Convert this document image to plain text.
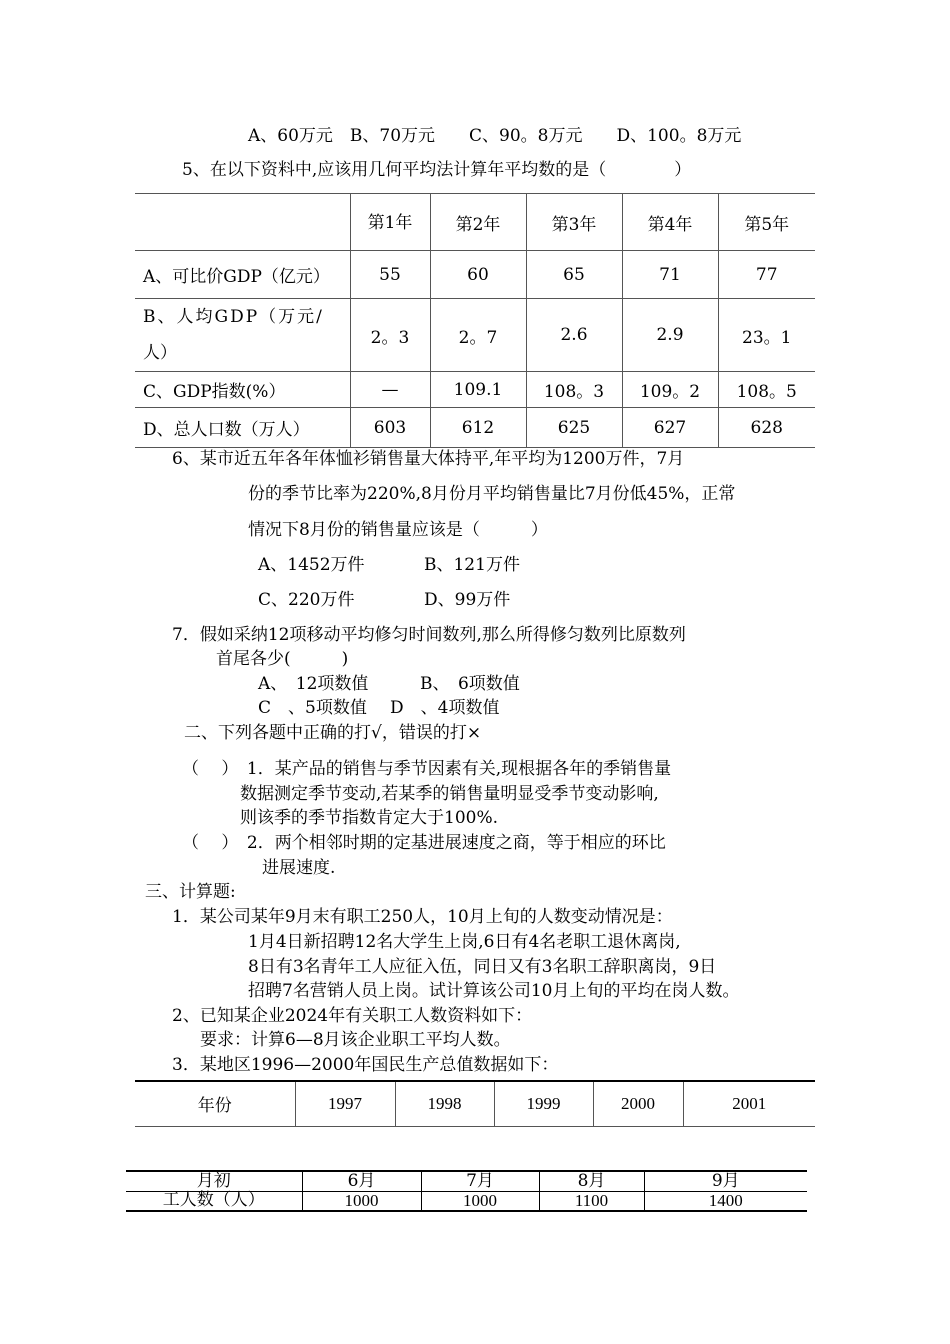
A、60万元　B、70万元　　C、90。8万元　　D、100。8万元
5、在以下资料中,应该用几何平均法计算年平均数的是（　　　　）
	第1年	第2年	第3年	第4年	第5年
A、可比价GDP（亿元）	55	60	65	71	77

B、人均GDP（万元/
人）	2。3	2。7	2.6	2.9	23。1
C、GDP指数(%）	—	109.1	108。3	109。2	108。5
D、总人口数（万人）	603	612	625	627	628
6、某市近五年各年体恤衫销售量大体持平,年平均为1200万件，7月
份的季节比率为220%,8月份月平均销售量比7月份低45%，正常
情况下8月份的销售量应该是（　　　）
A、1452万件	B、121万件
C、220万件	D、99万件
7．假如采纳12项移动平均修匀时间数列,那么所得修匀数列比原数列
首尾各少(　　　)
A、　12项数值	B、　6项数值
C　、5项数值 D　、4项数值
二、下列各题中正确的打√，错误的打×
（　 ）　1．某产品的销售与季节因素有关,现根据各年的季销售量
数据测定季节变动,若某季的销售量明显受季节变动影响,
则该季的季节指数肯定大于100%.
（　 ）　2．两个相邻时期的定基进展速度之商，等于相应的环比
进展速度.
三、计算题:
1．某公司某年9月末有职工250人，10月上旬的人数变动情况是：
1月4日新招聘12名大学生上岗,6日有4名老职工退休离岗,
8日有3名青年工人应征入伍，同日又有3名职工辞职离岗，9日
招聘7名营销人员上岗。试计算该公司10月上旬的平均在岗人数。
2、已知某企业2024年有关职工人数资料如下：
要求：计算6—8月该企业职工平均人数。
3．某地区1996—2000年国民生产总值数据如下：
年份	1997	1998	1999	2000	2001
月初	6月	7月	8月	9月
工人数（人）	1000	1000	1100	1400
